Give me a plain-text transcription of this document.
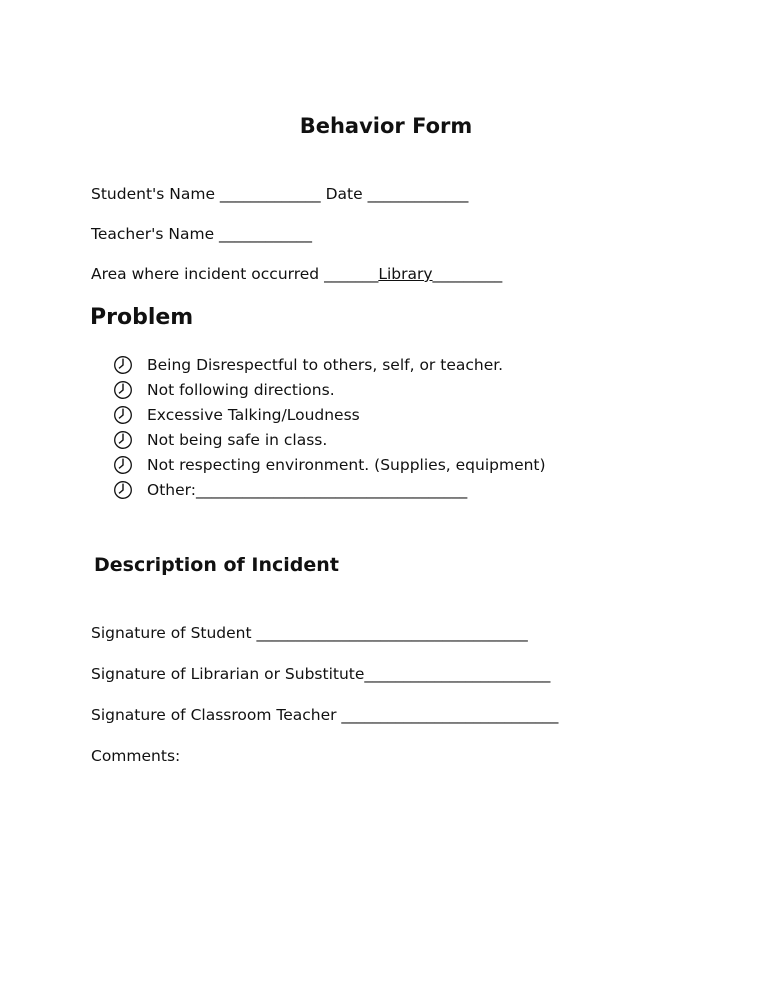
Behavior Form
Student's Name _____________ Date _____________
Teacher's Name ____________
Area where incident occurred _______Library_________
Problem
Being Disrespectful to others, self, or teacher.
Not following directions.
Excessive Talking/Loudness
Not being safe in class.
Not respecting environment. (Supplies, equipment)
Other:___________________________________
Description of Incident
Signature of Student ___________________________________
Signature of Librarian or Substitute________________________
Signature of Classroom Teacher ____________________________
Comments:
